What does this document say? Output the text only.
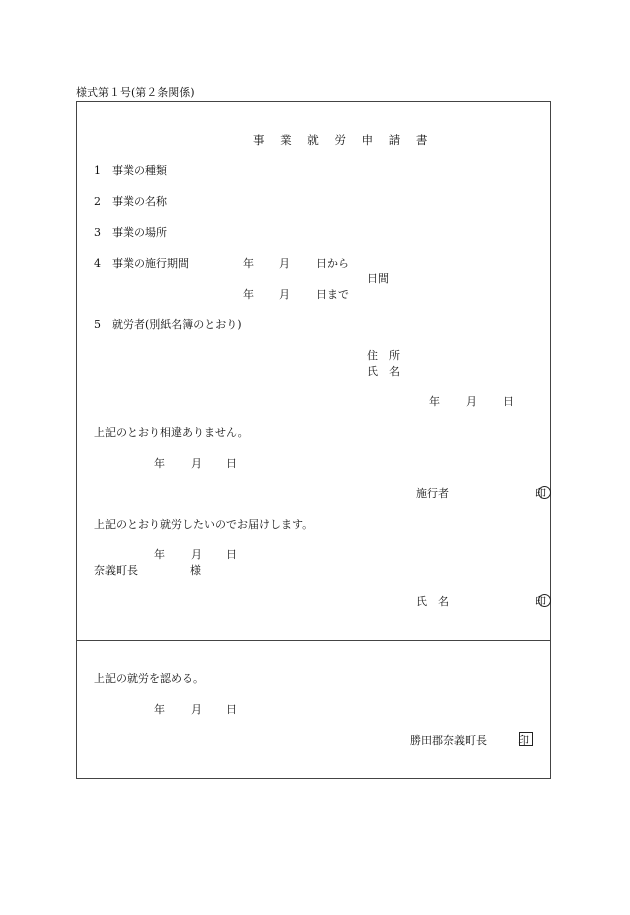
様式第１号(第２条関係)
事 業 就 労 申 請 書
1　事業の種類
2　事業の名称
3　事業の場所
4　事業の施行期間	年 月 日から
日間
年 月 日まで
5　就労者(別紙名簿のとおり)
住　所
氏　名
年 月 日
上記のとおり相違ありません。
年 月 日
施行者	印
上記のとおり就労したいのでお届けします。
年 月 日
奈義町長	様
氏　名	印
上記の就労を認める。
年 月 日
勝田郡奈義町長	印
